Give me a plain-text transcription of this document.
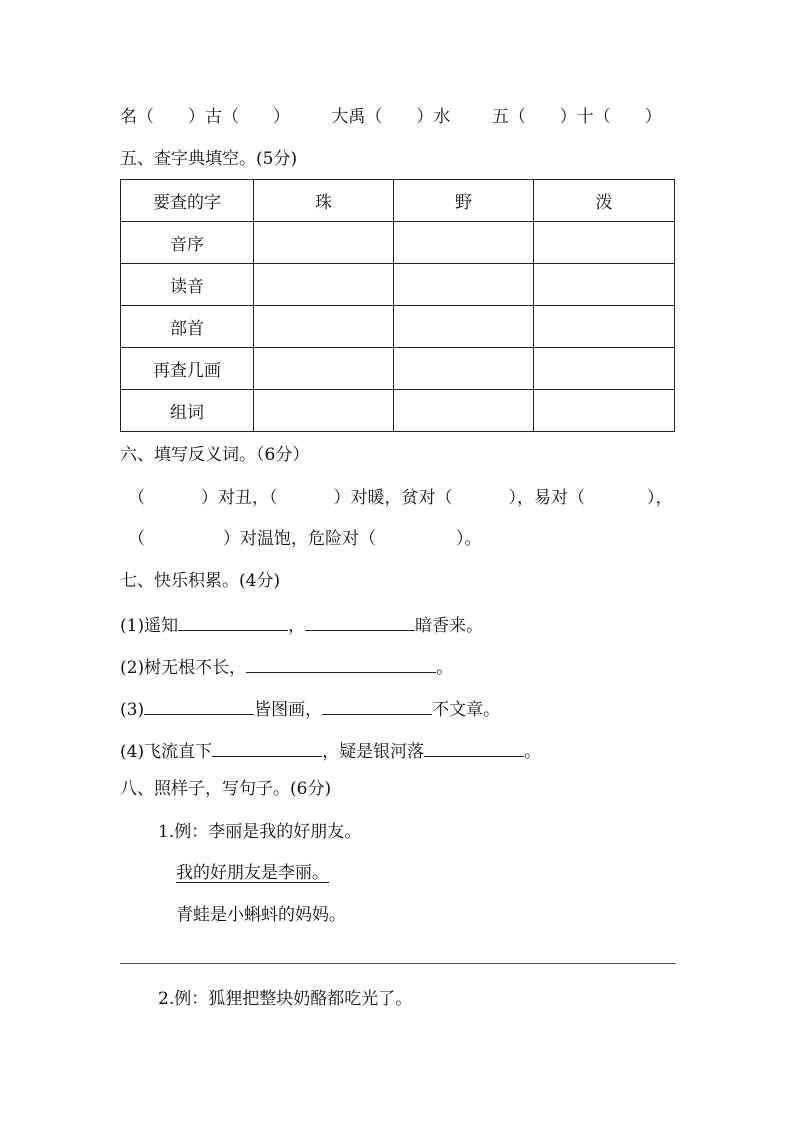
名（　　）古（　　） 大禹（　　）水 五（　　）十（　　）
五、查字典填空。(5分)
要查的字	珠	野	泼
音序			
读音			
部首			
再查几画			
组词			
六、填写反义词。（6分）
（	）对丑，（	）对暖，贫对（	），易对（	），
（	）对温饱，危险对（	）。
七、快乐积累。(4分)
(1)遥知	，	暗香来。
(2)树无根不长，	。
(3)	皆图画，	不文章。
(4)飞流直下	，疑是银河落	。
八、照样子，写句子。(6分)
1.例：李丽是我的好朋友。
我的好朋友是李丽。
青蛙是小蝌蚪的妈妈。
2.例：狐狸把整块奶酪都吃光了。
